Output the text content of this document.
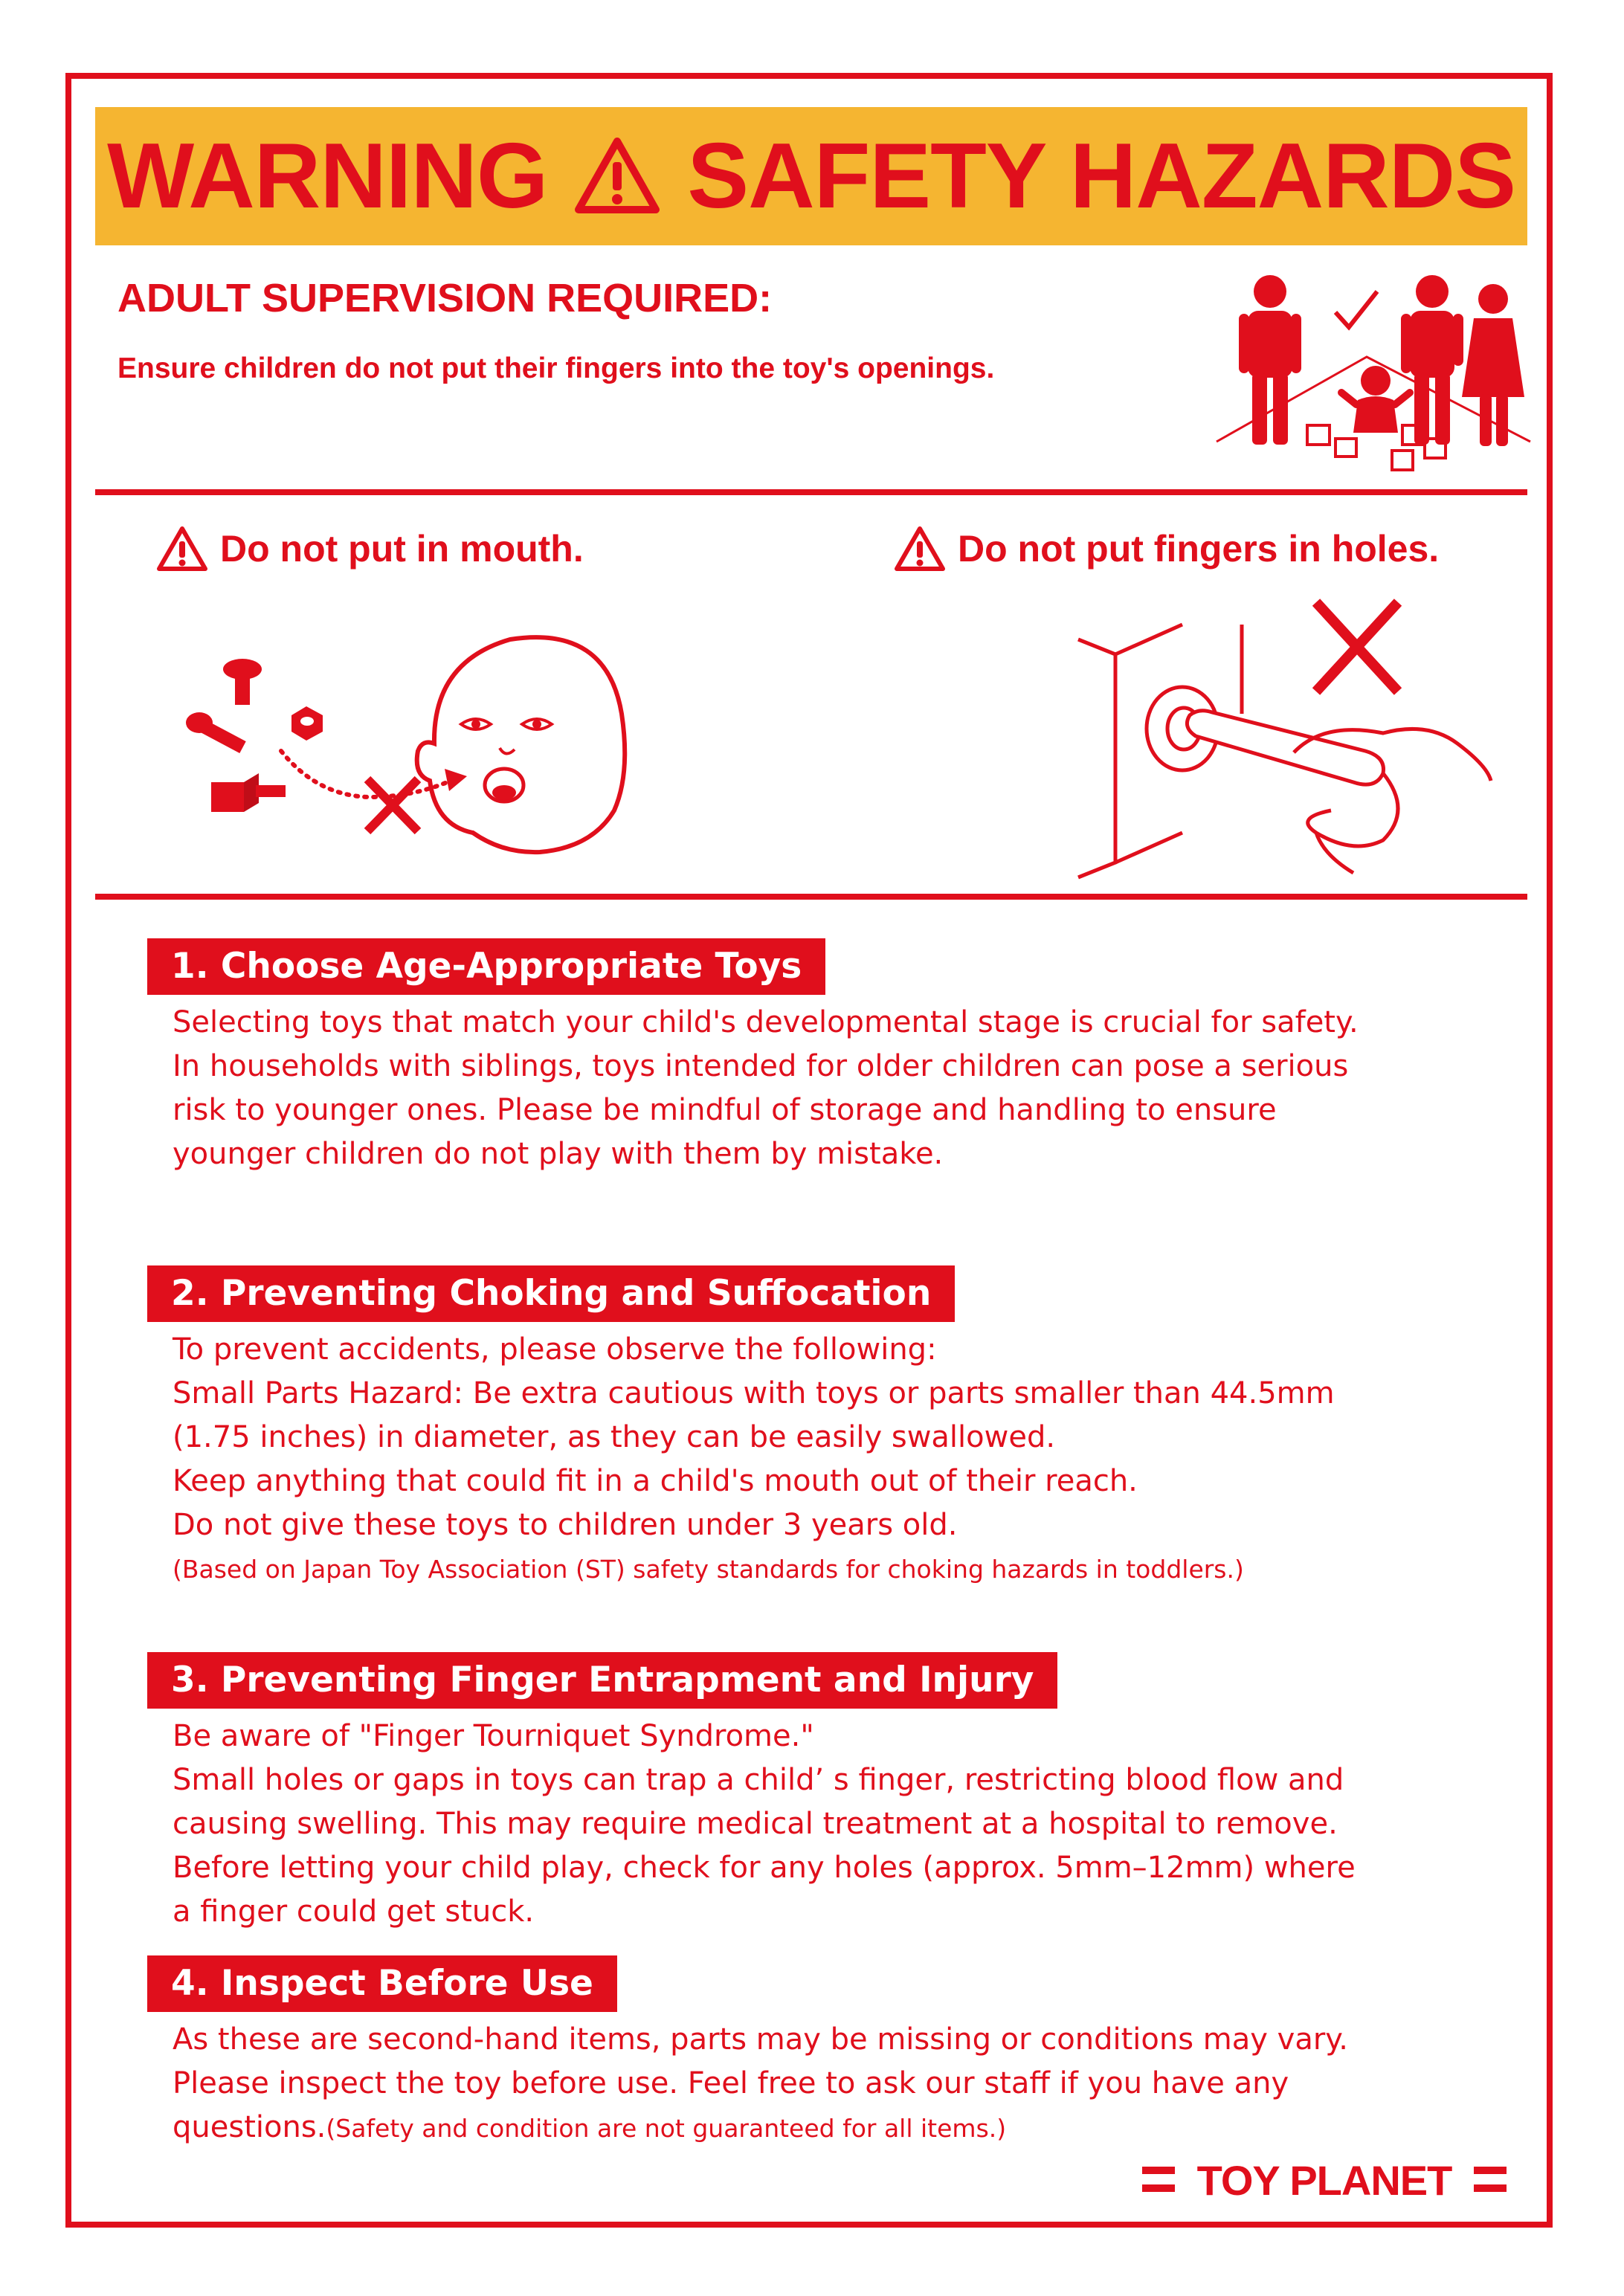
WARNING SAFETY HAZARDS
ADULT SUPERVISION REQUIRED:
Ensure children do not put their fingers into the toy's openings.
Do not put in mouth.	Do not put fingers in holes.
1. Choose Age-Appropriate Toys

Selecting toys that match your child's developmental stage is crucial for safety.

In households with siblings, toys intended for older children can pose a serious

risk to younger ones. Please be mindful of storage and handling to ensure

younger children do not play with them by mistake.

2. Preventing Choking and Suffocation

To prevent accidents, please observe the following:

Small Parts Hazard: Be extra cautious with toys or parts smaller than 44.5mm

(1.75 inches) in diameter, as they can be easily swallowed.

Keep anything that could fit in a child's mouth out of their reach.

Do not give these toys to children under 3 years old.

(Based on Japan Toy Association (ST) safety standards for choking hazards in toddlers.)

3. Preventing Finger Entrapment and Injury

Be aware of "Finger Tourniquet Syndrome."

Small holes or gaps in toys can trap a child’ s finger, restricting blood flow and

causing swelling. This may require medical treatment at a hospital to remove.

Before letting your child play, check for any holes (approx. 5mm–12mm) where

a finger could get stuck.

4. Inspect Before Use

As these are second-hand items, parts may be missing or conditions may vary.

Please inspect the toy before use. Feel free to ask our staff if you have any

questions.(Safety and condition are not guaranteed for all items.)

TOY PLANET
